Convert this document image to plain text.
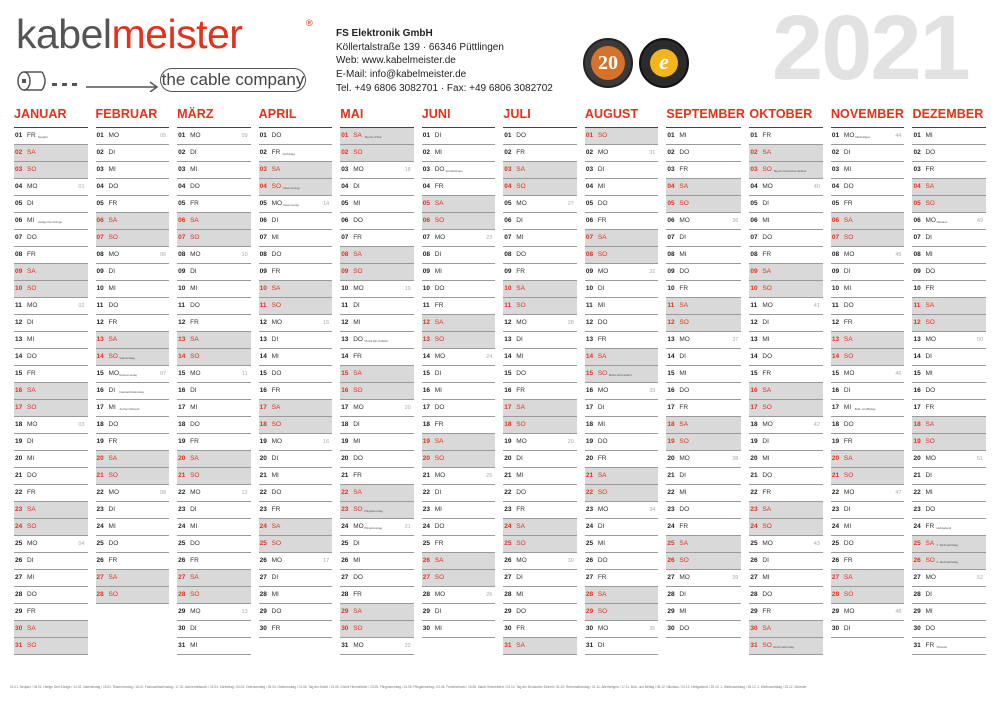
kabelmeister	®
the cable company
FS Elektronik GmbH
Köllertalstraße 139 · 66346 Püttlingen
Web: www.kabelmeister.de
E-Mail: info@kabelmeister.de
Tel. +49 6806 3082701 · Fax: +49 6806 3082702
20	e 2021
JANUAR
01 FR Neujahr
02 SA
03 SO
04 MO	01
05 DI
06 MI Heilige Drei Könige
07 DO
08 FR
09 SA
10 SO
11 MO	02
12 DI
13 MI
14 DO
15 FR
16 SA
17 SO
18 MO	03
19 DI
20 MI
21 DO
22 FR
23 SA
24 SO
25 MO	04
26 DI
27 MI
28 DO
29 FR
30 SA
31 SO
FEBRUAR
01 MO	05
02 DI
03 MI
04 DO
05 FR
06 SA
07 SO
08 MO	06
09 DI
10 MI
11 DO
12 FR
13 SA
14 SO Valentinstag
15 MO Rosenmontag	07
16 DI Fastnachtsdienstag
17 MI Aschermittwoch
18 DO
19 FR
20 SA
21 SO
22 MO	08
23 DI
24 MI
25 DO
26 FR
27 SA
28 SO
MÄRZ
01 MO	09
02 DI
03 MI
04 DO
05 FR
06 SA
07 SO
08 MO	10
09 DI
10 MI
11 DO
12 FR
13 SA
14 SO
15 MO	11
16 DI
17 MI
18 DO
19 FR
20 SA
21 SO
22 MO	12
23 DI
24 MI
25 DO
26 FR
27 SA
28 SO
29 MO	13
30 DI
31 MI
APRIL
01 DO
02 FR Karfreitag
03 SA
04 SO Ostersonntag
05 MO Ostermontag	14
06 DI
07 MI
08 DO
09 FR
10 SA
11 SO
12 MO	15
13 DI
14 MI
15 DO
16 FR
17 SA
18 SO
19 MO	16
20 DI
21 MI
22 DO
23 FR
24 SA
25 SO
26 MO	17
27 DI
28 MI
29 DO
30 FR
MAI
01 SA Tag der Arbeit
02 SO
03 MO	18
04 DI
05 MI
06 DO
07 FR
08 SA
09 SO
10 MO	19
11 DI
12 MI
13 DO Christi Himmelfahrt
14 FR
15 SA
16 SO
17 MO	20
18 DI
19 MI
20 DO
21 FR
22 SA
23 SO Pfingstsonntag
24 MO Pfingstmontag	21
25 DI
26 MI
27 DO
28 FR
29 SA
30 SO
31 MO	22
JUNI
01 DI
02 MI
03 DO Fronleichnam
04 FR
05 SA
06 SO
07 MO	23
08 DI
09 MI
10 DO
11 FR
12 SA
13 SO
14 MO	24
15 DI
16 MI
17 DO
18 FR
19 SA
20 SO
21 MO	25
22 DI
23 MI
24 DO
25 FR
26 SA
27 SO
28 MO	26
29 DI
30 MI
JULI
01 DO
02 FR
03 SA
04 SO
05 MO	27
06 DI
07 MI
08 DO
09 FR
10 SA
11 SO
12 MO	28
13 DI
14 MI
15 DO
16 FR
17 SA
18 SO
19 MO	29
20 DI
21 MI
22 DO
23 FR
24 SA
25 SO
26 MO	30
27 DI
28 MI
29 DO
30 FR
31 SA
AUGUST
01 SO
02 MO	31
03 DI
04 MI
05 DO
06 FR
07 SA
08 SO
09 MO	32
10 DI
11 MI
12 DO
13 FR
14 SA
15 SO Mariä Himmelfahrt
16 MO	33
17 DI
18 MI
19 DO
20 FR
21 SA
22 SO
23 MO	34
24 DI
25 MI
26 DO
27 FR
28 SA
29 SO
30 MO	35
31 DI
SEPTEMBER
01 MI
02 DO
03 FR
04 SA
05 SO
06 MO	36
07 DI
08 MI
09 DO
10 FR
11 SA
12 SO
13 MO	37
14 DI
15 MI
16 DO
17 FR
18 SA
19 SO
20 MO	38
21 DI
22 MI
23 DO
24 FR
25 SA
26 SO
27 MO	39
28 DI
29 MI
30 DO
OKTOBER
01 FR
02 SA
03 SO Tag der Deutschen Einheit
04 MO	40
05 DI
06 MI
07 DO
08 FR
09 SA
10 SO
11 MO	41
12 DI
13 MI
14 DO
15 FR
16 SA
17 SO
18 MO	42
19 DI
20 MI
21 DO
22 FR
23 SA
24 SO
25 MO	43
26 DI
27 MI
28 DO
29 FR
30 SA
31 SO Reformationstag
NOVEMBER
01 MO Allerheiligen	44
02 DI
03 MI
04 DO
05 FR
06 SA
07 SO
08 MO	45
09 DI
10 MI
11 DO
12 FR
13 SA
14 SO
15 MO	46
16 DI
17 MI Buß- und Bettag
18 DO
19 FR
20 SA
21 SO
22 MO	47
23 DI
24 MI
25 DO
26 FR
27 SA
28 SO
29 MO	48
30 DI
DEZEMBER
01 MI
02 DO
03 FR
04 SA
05 SO
06 MO Nikolaus	49
07 DI
08 MI
09 DO
10 FR
11 SA
12 SO
13 MO	50
14 DI
15 MI
16 DO
17 FR
18 SA
19 SO
20 MO	51
21 DI
22 MI
23 DO
24 FR Heiligabend
25 SA 1. Weihnachtstag
26 SO 2. Weihnachtstag
27 MO	52
28 DI
29 MI
30 DO
31 FR Silvester
01.01. Neujahr / 06.01. Heilige Drei Könige / 14.02. Valentinstag / 15.02. Rosenmontag / 16.02. Fastnachtsdienstag / 17.02. Aschermittwoch / 02.04. Karfreitag / 04.04. Ostersonntag / 05.04. Ostermontag / 01.05. Tag der Arbeit / 13.05. Christi Himmelfahrt / 23.05. Pfingstsonntag / 24.05. Pfingstmontag / 03.06. Fronleichnam / 15.08. Mariä Himmelfahrt / 03.10. Tag der Deutschen Einheit / 31.10. Reformationstag / 01.11. Allerheiligen / 17.11. Buß- und Bettag / 06.12. Nikolaus / 24.12. Heiligabend / 25.12. 1. Weihnachtstag / 26.12. 2. Weihnachtstag / 31.12. Silvester
